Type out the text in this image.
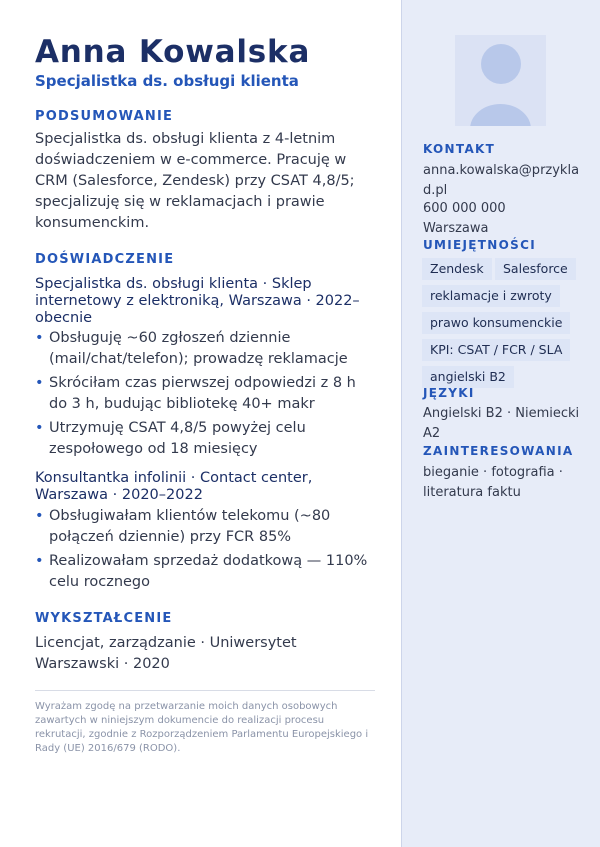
Anna Kowalska
Specjalistka ds. obsługi klienta
PODSUMOWANIE
Specjalistka ds. obsługi klienta z 4-letnim doświadczeniem w e-commerce. Pracuję w CRM (Salesforce, Zendesk) przy CSAT 4,8/5; specjalizuję się w reklamacjach i prawie konsumenckim.
DOŚWIADCZENIE
Specjalistka ds. obsługi klienta · Sklep internetowy z elektroniką, Warszawa · 2022–obecnie
• Obsługuję ~60 zgłoszeń dziennie (mail/chat/telefon); prowadzę reklamacje
• Skróciłam czas pierwszej odpowiedzi z 8 h do 3 h, budując bibliotekę 40+ makr
• Utrzymuję CSAT 4,8/5 powyżej celu zespołowego od 18 miesięcy
Konsultantka infolinii · Contact center, Warszawa · 2020–2022
• Obsługiwałam klientów telekomu (~80 połączeń dziennie) przy FCR 85%
• Realizowałam sprzedaż dodatkową — 110% celu rocznego
WYKSZTAŁCENIE
Licencjat, zarządzanie · Uniwersytet Warszawski · 2020
Wyrażam zgodę na przetwarzanie moich danych osobowych zawartych w niniejszym dokumencie do realizacji procesu rekrutacji, zgodnie z Rozporządzeniem Parlamentu Europejskiego i Rady (UE) 2016/679 (RODO).
KONTAKT
anna.kowalska@przyklad.pl
600 000 000
Warszawa
UMIEJĘTNOŚCI
Zendesk	Salesforce
reklamacje i zwroty
prawo konsumenckie
KPI: CSAT / FCR / SLA
angielski B2
JĘZYKI
Angielski B2 · Niemiecki A2
ZAINTERESOWANIA
bieganie · fotografia · literatura faktu
